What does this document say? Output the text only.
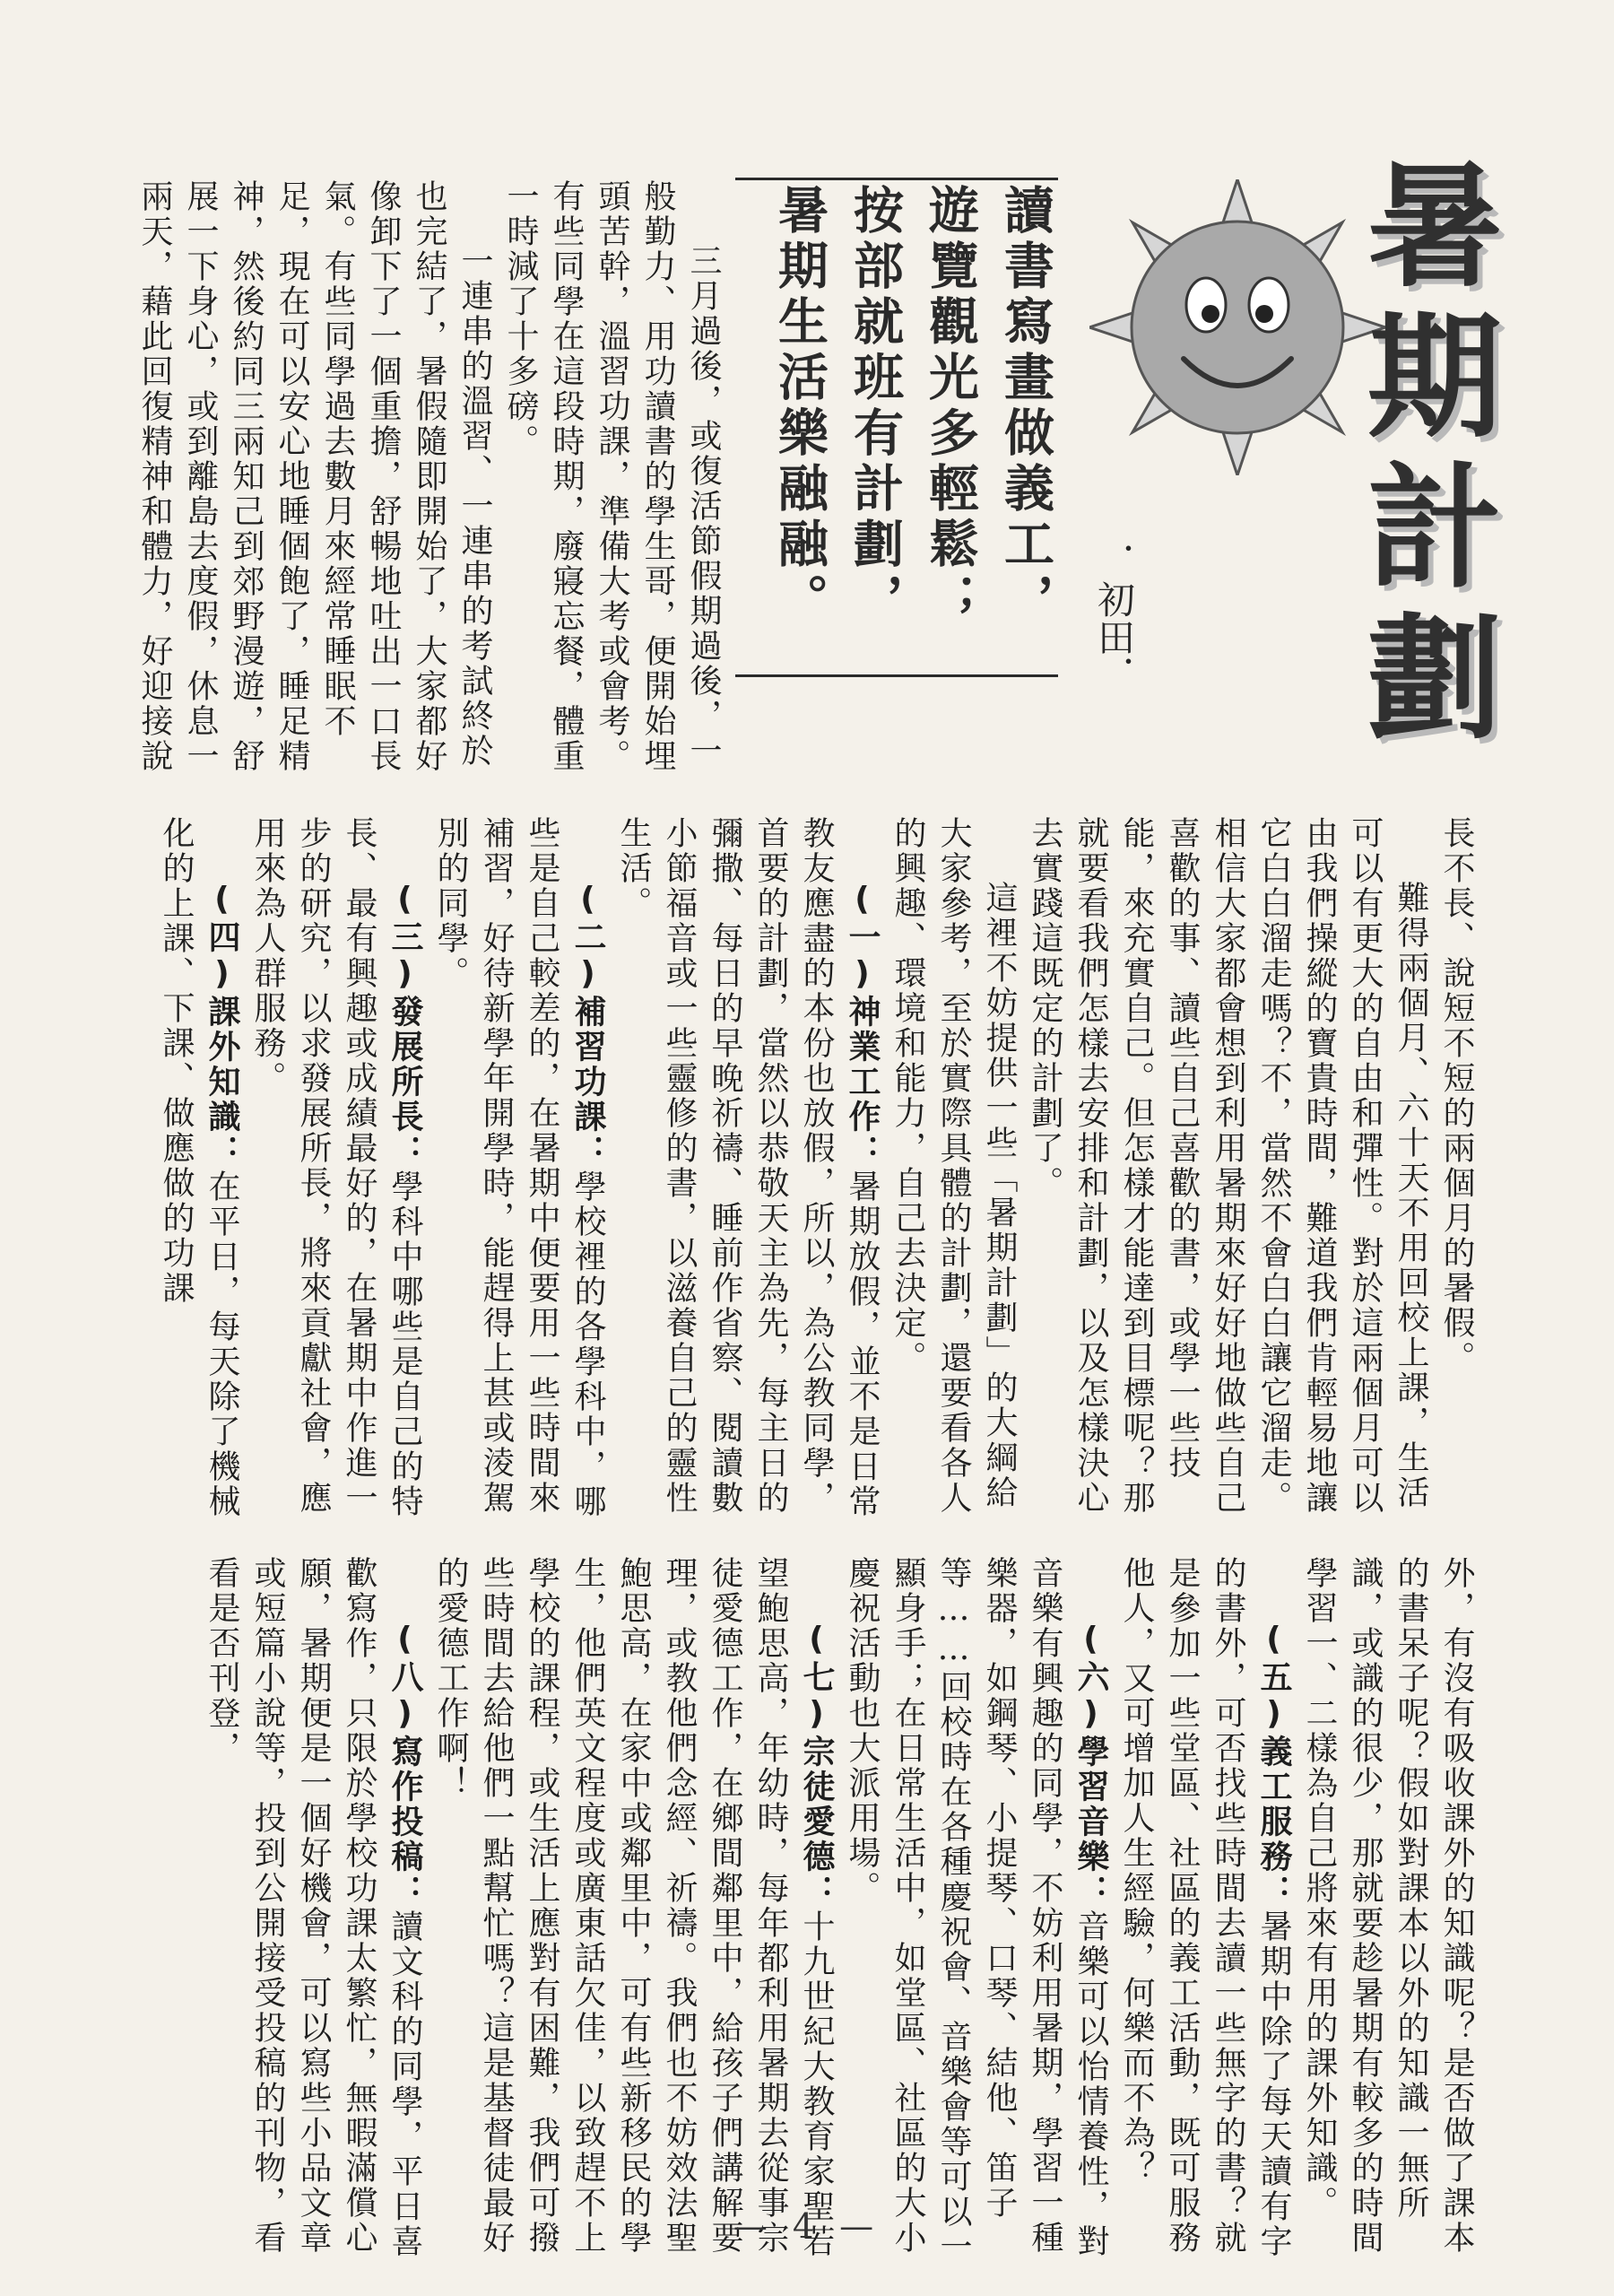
暑
期
計
劃
．初田．
讀書寫畫做義工，
遊覽觀光多輕鬆；
按部就班有計劃，
暑期生活樂融融。

三月過後，或復活節假期過後，一般勤力、用功讀書的學生哥，便開始埋頭苦幹，溫習功課，準備大考或會考。有些同學在這段時期，廢寢忘餐，體重一時減了十多磅。

一連串的溫習、一連串的考試終於也完結了，暑假隨即開始了，大家都好像卸下了一個重擔，舒暢地吐出一口長氣。有些同學過去數月來經常睡眠不足，現在可以安心地睡個飽了，睡足精神，然後約同三兩知己到郊野漫遊，舒展一下身心，或到離島去度假，休息一兩天，藉此回復精神和體力，好迎接說

長不長、說短不短的兩個月的暑假。

難得兩個月、六十天不用回校上課，生活可以有更大的自由和彈性。對於這兩個月可以由我們操縱的寶貴時間，難道我們肯輕易地讓它白白溜走嗎？不，當然不會白白讓它溜走。相信大家都會想到利用暑期來好好地做些自己喜歡的事、讀些自己喜歡的書，或學一些技能，來充實自己。但怎樣才能達到目標呢？那就要看我們怎樣去安排和計劃，以及怎樣決心去實踐這既定的計劃了。

這裡不妨提供一些「暑期計劃」的大綱給大家參考，至於實際具體的計劃，還要看各人的興趣、環境和能力，自己去決定。

(一)神業工作：暑期放假，並不是日常教友應盡的本份也放假，所以，為公教同學，首要的計劃，當然以恭敬天主為先，每主日的彌撒、每日的早晚祈禱、睡前作省察、閱讀數小節福音或一些靈修的書，以滋養自己的靈性生活。

(二)補習功課：學校裡的各學科中，哪些是自己較差的，在暑期中便要用一些時間來補習，好待新學年開學時，能趕得上甚或淩駕別的同學。

(三)發展所長：學科中哪些是自己的特長、最有興趣或成績最好的，在暑期中作進一步的研究，以求發展所長，將來貢獻社會，應用來為人群服務。

(四)課外知識：在平日，每天除了機械化的上課、下課、做應做的功課

外，有沒有吸收課外的知識呢？是否做了課本的書呆子呢？假如對課本以外的知識一無所識，或識的很少，那就要趁暑期有較多的時間學習一、二樣為自己將來有用的課外知識。

(五)義工服務：暑期中除了每天讀有字的書外，可否找些時間去讀一些無字的書？就是參加一些堂區、社區的義工活動，既可服務他人，又可增加人生經驗，何樂而不為？

(六)學習音樂：音樂可以怡情養性，對音樂有興趣的同學，不妨利用暑期，學習一種樂器，如鋼琴、小提琴、口琴、結他、笛子等……回校時在各種慶祝會、音樂會等可以一顯身手；在日常生活中，如堂區、社區的大小慶祝活動也大派用場。

(七)宗徒愛德：十九世紀大教育家聖若望鮑思高，年幼時，每年都利用暑期去從事宗徒愛德工作，在鄉間鄰里中，給孩子們講解要理，或教他們念經、祈禱。我們也不妨效法聖鮑思高，在家中或鄰里中，可有些新移民的學生，他們英文程度或廣東話欠佳，以致趕不上學校的課程，或生活上應對有困難，我們可撥些時間去給他們一點幫忙嗎？這是基督徒最好的愛德工作啊！

(八)寫作投稿：讀文科的同學，平日喜歡寫作，只限於學校功課太繁忙，無暇滿償心願，暑期便是一個好機會，可以寫些小品文章或短篇小說等，投到公開接受投稿的刊物，看看是否刊登，

— 4 —
